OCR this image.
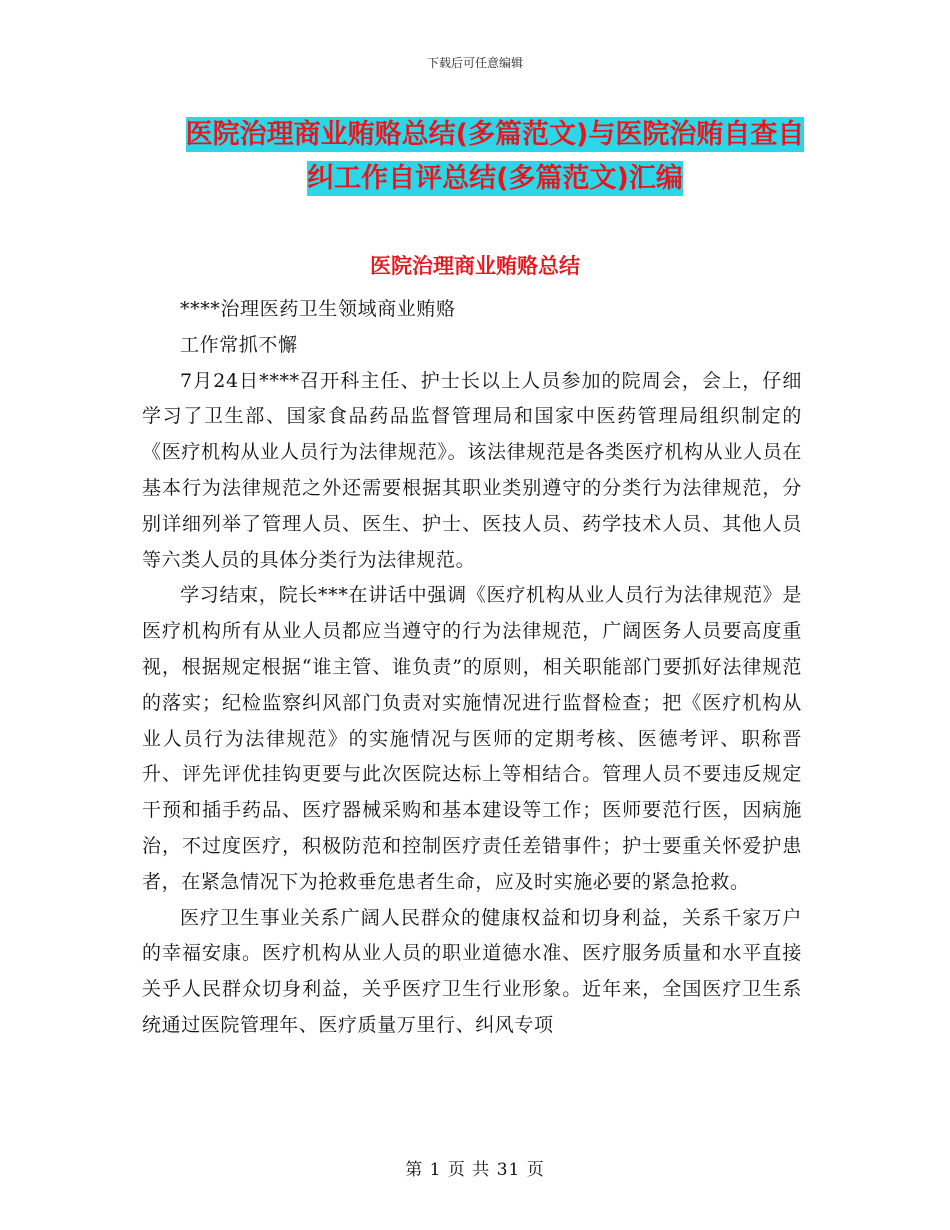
下载后可任意编辑
医院治理商业贿赂总结(多篇范文)与医院治贿自查自
纠工作自评总结(多篇范文)汇编
医院治理商业贿赂总结

****治理医药卫生领域商业贿赂

工作常抓不懈

7月24日****召开科主任、护士长以上人员参加的院周会，会上，仔细学习了卫生部、国家食品药品监督管理局和国家中医药管理局组织制定的《医疗机构从业人员行为法律规范》。该法律规范是各类医疗机构从业人员在基本行为法律规范之外还需要根据其职业类别遵守的分类行为法律规范，分别详细列举了管理人员、医生、护士、医技人员、药学技术人员、其他人员等六类人员的具体分类行为法律规范。

学习结束，院长***在讲话中强调《医疗机构从业人员行为法律规范》是医疗机构所有从业人员都应当遵守的行为法律规范，广阔医务人员要高度重视，根据规定根据“谁主管、谁负责”的原则，相关职能部门要抓好法律规范的落实；纪检监察纠风部门负责对实施情况进行监督检查；把《医疗机构从业人员行为法律规范》的实施情况与医师的定期考核、医德考评、职称晋升、评先评优挂钩更要与此次医院达标上等相结合。管理人员不要违反规定干预和插手药品、医疗器械采购和基本建设等工作；医师要范行医，因病施治，不过度医疗，积极防范和控制医疗责任差错事件；护士要重关怀爱护患者，在紧急情况下为抢救垂危患者生命，应及时实施必要的紧急抢救。

医疗卫生事业关系广阔人民群众的健康权益和切身利益，关系千家万户的幸福安康。医疗机构从业人员的职业道德水准、医疗服务质量和水平直接关乎人民群众切身利益，关乎医疗卫生行业形象。近年来，全国医疗卫生系统通过医院管理年、医疗质量万里行、纠风专项

第 1 页 共 31 页
